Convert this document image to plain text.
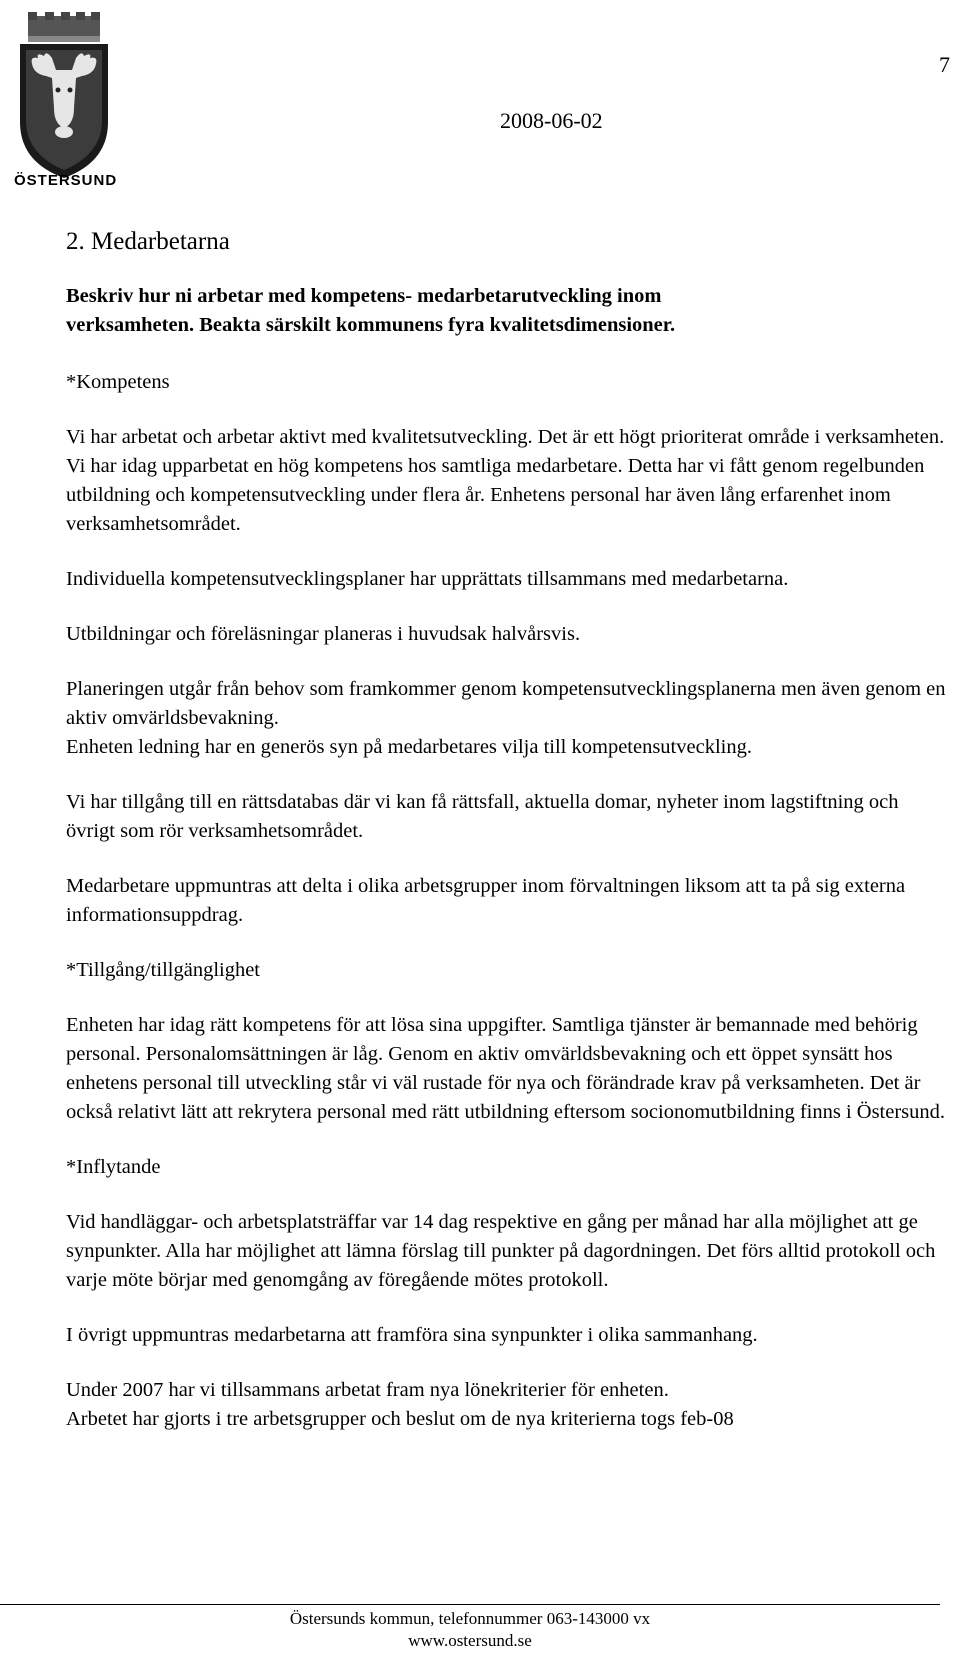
ÖSTERSUND
7
2008-06-02
2. Medarbetarna

Beskriv hur ni arbetar med kompetens- medarbetarutveckling inom
verksamheten. Beakta särskilt kommunens fyra kvalitetsdimensioner.

*Kompetens

Vi har arbetat och arbetar aktivt med kvalitetsutveckling. Det är ett högt prioriterat område i verksamheten. Vi har idag upparbetat en hög kompetens hos samtliga medarbetare. Detta har vi fått genom regelbunden utbildning och kompetensutveckling under flera år. Enhetens personal har även lång erfarenhet inom verksamhetsområdet.

Individuella kompetensutvecklingsplaner har upprättats tillsammans med medarbetarna.

Utbildningar och föreläsningar planeras i huvudsak halvårsvis.

Planeringen utgår från behov som framkommer genom kompetensutvecklingsplanerna men även genom en aktiv omvärldsbevakning.

Enheten ledning har en generös syn på medarbetares vilja till kompetensutveckling.

Vi har tillgång till en rättsdatabas där vi kan få rättsfall, aktuella domar, nyheter inom lagstiftning och övrigt som rör verksamhetsområdet.

Medarbetare uppmuntras att delta i olika arbetsgrupper inom förvaltningen liksom att ta på sig externa informationsuppdrag.

*Tillgång/tillgänglighet

Enheten har idag rätt kompetens för att lösa sina uppgifter. Samtliga tjänster är bemannade med behörig personal. Personalomsättningen är låg. Genom en aktiv omvärldsbevakning och ett öppet synsätt hos enhetens personal till utveckling står vi väl rustade för nya och förändrade krav på verksamheten. Det är också relativt lätt att rekrytera personal med rätt utbildning eftersom socionomutbildning finns i Östersund.

*Inflytande

Vid handläggar- och arbetsplatsträffar var 14 dag respektive en gång per månad har alla möjlighet att ge synpunkter. Alla har möjlighet att lämna förslag till punkter på dagordningen. Det förs alltid protokoll och varje möte börjar med genomgång av föregående mötes protokoll.

I övrigt uppmuntras medarbetarna att framföra sina synpunkter i olika sammanhang.

Under 2007 har vi tillsammans arbetat fram nya lönekriterier för enheten.

Arbetet har gjorts i tre arbetsgrupper och beslut om de nya kriterierna togs feb-08

Östersunds kommun, telefonnummer 063-143000 vx
www.ostersund.se
